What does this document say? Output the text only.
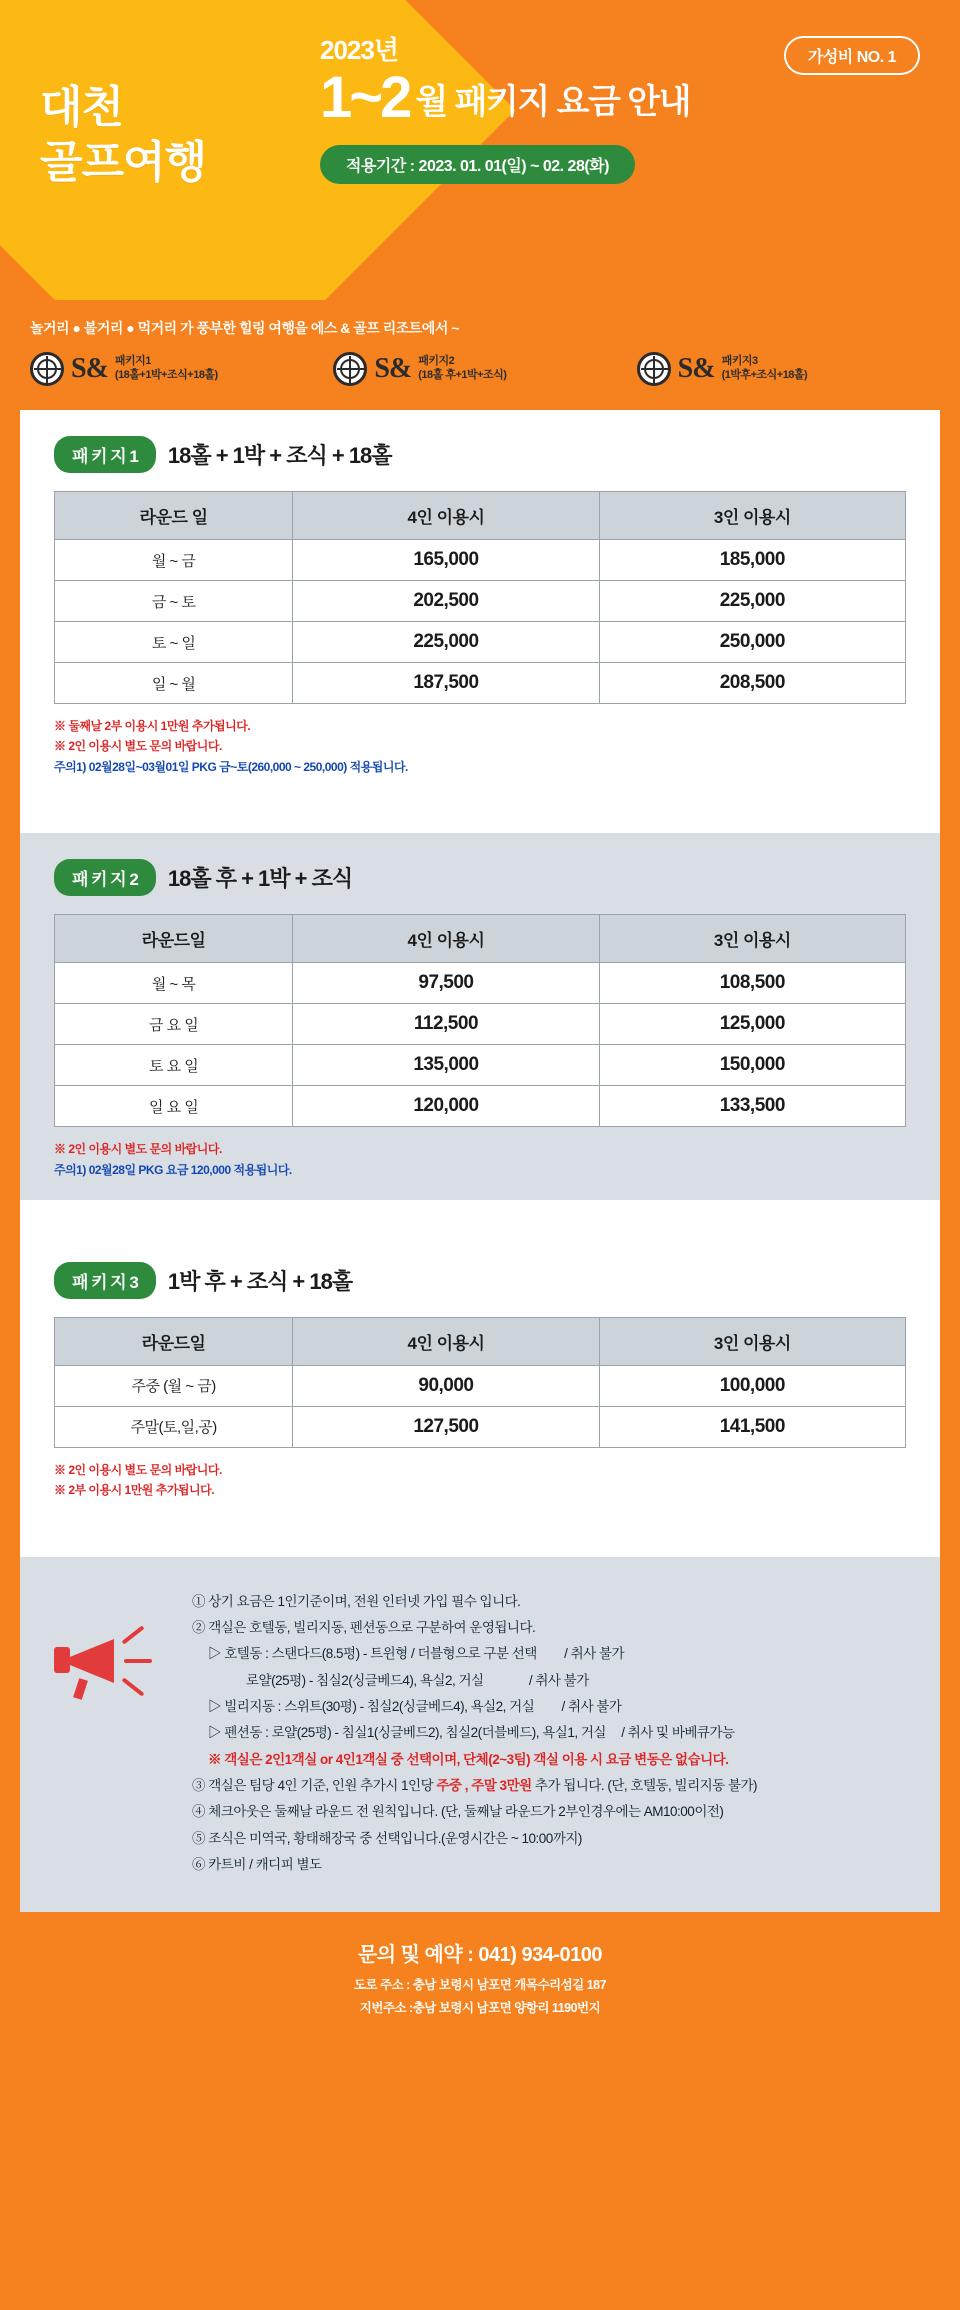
대천
골프여행
가성비 NO. 1
2023년
1~2 월 패키지 요금 안내
적용기간 : 2023. 01. 01(일) ~ 02. 28(화)
놀거리 ● 볼거리 ● 먹거리 가 풍부한 힐링 여행을 에스 & 골프 리조트에서 ~
S& 패키지1
(18홀+1박+조식+18홀)	S& 패키지2
(18홀 후+1박+조식)	S& 패키지3
(1박후+조식+18홀)
패 키 지 1	18홀 + 1박 + 조식 + 18홀
라운드 일	4인 이용시	3인 이용시
월 ~ 금	165,000	185,000
금 ~ 토	202,500	225,000
토 ~ 일	225,000	250,000
일 ~ 월	187,500	208,500
※ 둘째날 2부 이용시 1만원 추가됩니다.
※ 2인 이용시 별도 문의 바랍니다.
주의1) 02월28일~03월01일 PKG 금~토(260,000 ~ 250,000) 적용됩니다.
패 키 지 2	18홀 후 + 1박 + 조식
라운드일	4인 이용시	3인 이용시
월 ~ 목	97,500	108,500
금 요 일	112,500	125,000
토 요 일	135,000	150,000
일 요 일	120,000	133,500
※ 2인 이용시 별도 문의 바랍니다.
주의1) 02월28일 PKG 요금 120,000 적용됩니다.
패 키 지 3	1박 후 + 조식 + 18홀
라운드일	4인 이용시	3인 이용시
주중 (월 ~ 금)	90,000	100,000
주말(토,일,공)	127,500	141,500
※ 2인 이용시 별도 문의 바랍니다.
※ 2부 이용시 1만원 추가됩니다.
① 상기 요금은 1인기준이며, 전원 인터넷 가입 필수 입니다.
② 객실은 호텔동, 빌리지동, 펜션동으로 구분하여 운영됩니다.
▷ 호텔동 : 스탠다드(8.5평) - 트윈형 / 더블형으로 구분 선택 / 취사 불가
로얄(25평) - 침실2(싱글베드4), 욕실2, 거실	/ 취사 불가
▷ 빌리지동 : 스위트(30평) - 침실2(싱글베드4), 욕실2, 거실 / 취사 불가
▷ 펜션동 : 로얄(25평) - 침실1(싱글베드2), 침실2(더블베드), 욕실1, 거실 / 취사 및 바베큐가능
※ 객실은 2인1객실 or 4인1객실 중 선택이며, 단체(2~3팀) 객실 이용 시 요금 변동은 없습니다.
③ 객실은 팀당 4인 기준, 인원 추가시 1인당 주중 , 주말 3만원 추가 됩니다. (단, 호텔동, 빌리지동 불가)
④ 체크아웃은 둘째날 라운드 전 원칙입니다. (단, 둘째날 라운드가 2부인경우에는 AM10:00이전)
⑤ 조식은 미역국, 황태해장국 중 선택입니다.(운영시간은 ~ 10:00까지)
⑥ 카트비 / 캐디피 별도
문의 및 예약 : 041) 934-0100
도로 주소 : 충남 보령시 남포면 개목수리섬길 187
지번주소 :충남 보령시 남포면 양항리 1190번지
